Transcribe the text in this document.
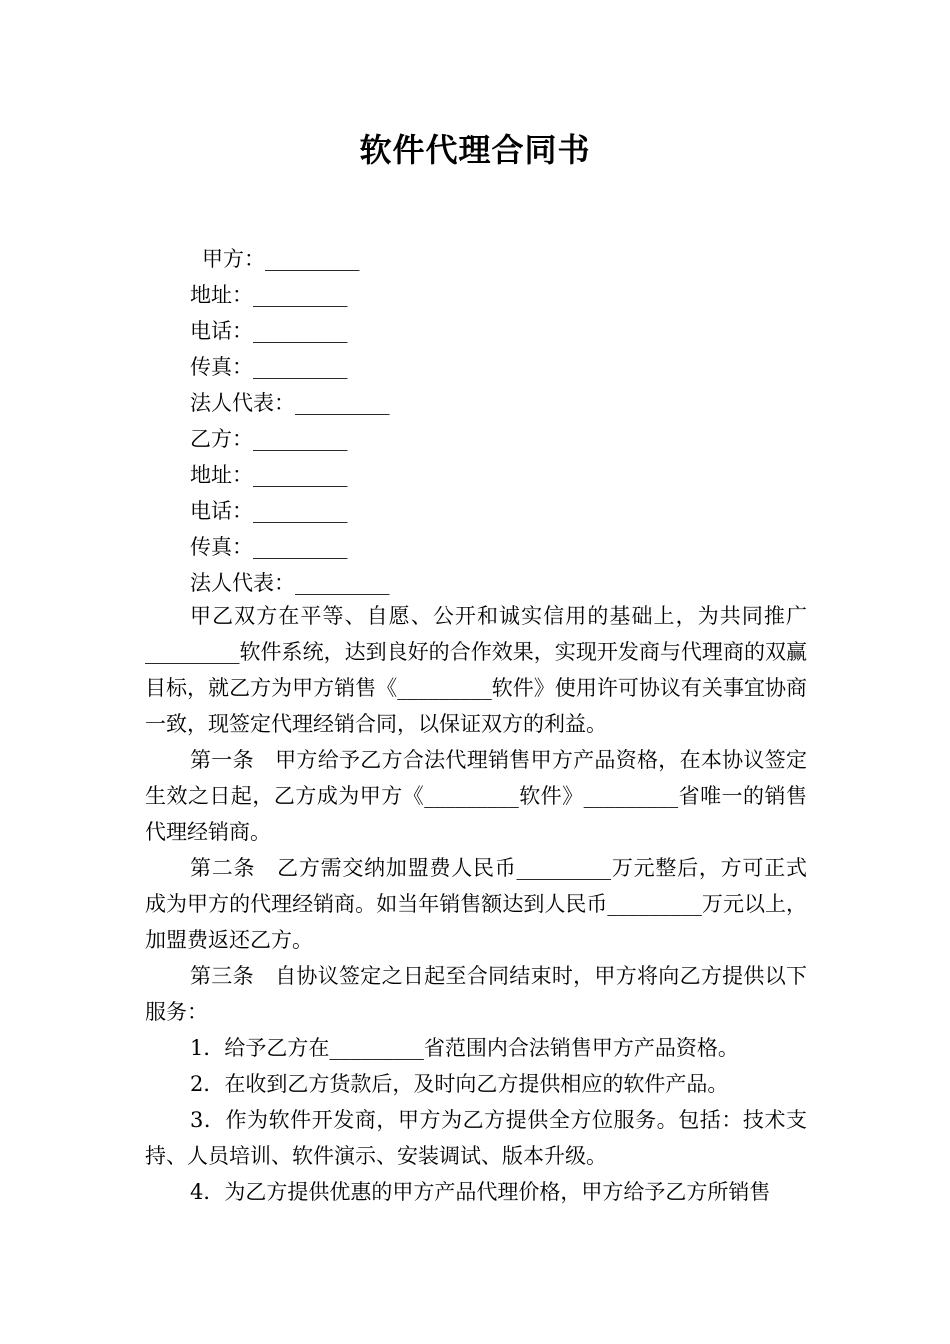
软件代理合同书
甲方：_________
地址：_________
电话：_________
传真：_________
法人代表：_________
乙方：_________
地址：_________
电话：_________
传真：_________
法人代表：_________

甲乙双方在平等、自愿、公开和诚实信用的基础上，为共同推广_________软件系统，达到良好的合作效果，实现开发商与代理商的双赢目标，就乙方为甲方销售《_________软件》使用许可协议有关事宜协商一致，现签定代理经销合同，以保证双方的利益。

第一条　甲方给予乙方合法代理销售甲方产品资格，在本协议签定生效之日起，乙方成为甲方《_________软件》_________省唯一的销售代理经销商。

第二条　乙方需交纳加盟费人民币_________万元整后，方可正式成为甲方的代理经销商。如当年销售额达到人民币_________万元以上，加盟费返还乙方。

第三条　自协议签定之日起至合同结束时，甲方将向乙方提供以下服务：

1．给予乙方在_________省范围内合法销售甲方产品资格。

2．在收到乙方货款后，及时向乙方提供相应的软件产品。

3．作为软件开发商，甲方为乙方提供全方位服务。包括：技术支持、人员培训、软件演示、安装调试、版本升级。

4．为乙方提供优惠的甲方产品代理价格，甲方给予乙方所销售
